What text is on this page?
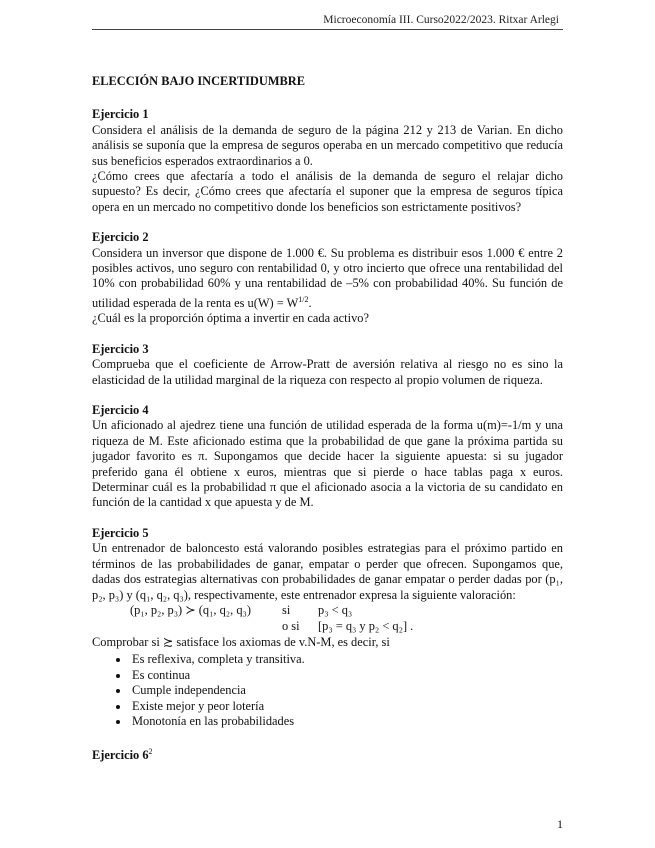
Microeconomía III. Curso2022/2023. Ritxar Arlegi

ELECCIÓN BAJO INCERTIDUMBRE

Ejercicio 1

Considera el análisis de la demanda de seguro de la página 212 y 213 de Varian. En dicho análisis se suponía que la empresa de seguros operaba en un mercado competitivo que reducía sus beneficios esperados extraordinarios a 0.

¿Cómo crees que afectaría a todo el análisis de la demanda de seguro el relajar dicho supuesto? Es decir, ¿Cómo crees que afectaría el suponer que la empresa de seguros típica opera en un mercado no competitivo donde los beneficios son estrictamente positivos?

Ejercicio 2

Considera un inversor que dispone de 1.000 €. Su problema es distribuir esos 1.000 € entre 2 posibles activos, uno seguro con rentabilidad 0, y otro incierto que ofrece una rentabilidad del 10% con probabilidad 60% y una rentabilidad de –5% con probabilidad 40%. Su función de utilidad esperada de la renta es $u(W) = W^{1/2}$.

¿Cuál es la proporción óptima a invertir en cada activo?

Ejercicio 3

Comprueba que el coeficiente de Arrow-Pratt de aversión relativa al riesgo no es sino la elasticidad de la utilidad marginal de la riqueza con respecto al propio volumen de riqueza.

Ejercicio 4

Un aficionado al ajedrez tiene una función de utilidad esperada de la forma u(m)=-1/m y una riqueza de M. Este aficionado estima que la probabilidad de que gane la próxima partida su jugador favorito es π. Supongamos que decide hacer la siguiente apuesta: si su jugador preferido gana él obtiene x euros, mientras que si pierde o hace tablas paga x euros. Determinar cuál es la probabilidad π que el aficionado asocia a la victoria de su candidato en función de la cantidad x que apuesta y de M.

Ejercicio 5

Un entrenador de baloncesto está valorando posibles estrategias para el próximo partido en términos de las probabilidades de ganar, empatar o perder que ofrecen. Supongamos que, dadas dos estrategias alternativas con probabilidades de ganar empatar o perder dadas por (p₁, p₂, p₃) y (q₁, q₂, q₃), respectivamente, este entrenador expresa la siguiente valoración:

(p₁, p₂, p₃) ≻ (q₁, q₂, q₃)	si p₃ < q₃
o si [p₃ = q₃ y p₂ < q₂] .

Comprobar si ≿ satisface los axiomas de v.N-M, es decir, si

• Es reflexiva, completa y transitiva.
• Es continua
• Cumple independencia
• Existe mejor y peor lotería
• Monotonía en las probabilidades

Ejercicio 6$^2$

1
